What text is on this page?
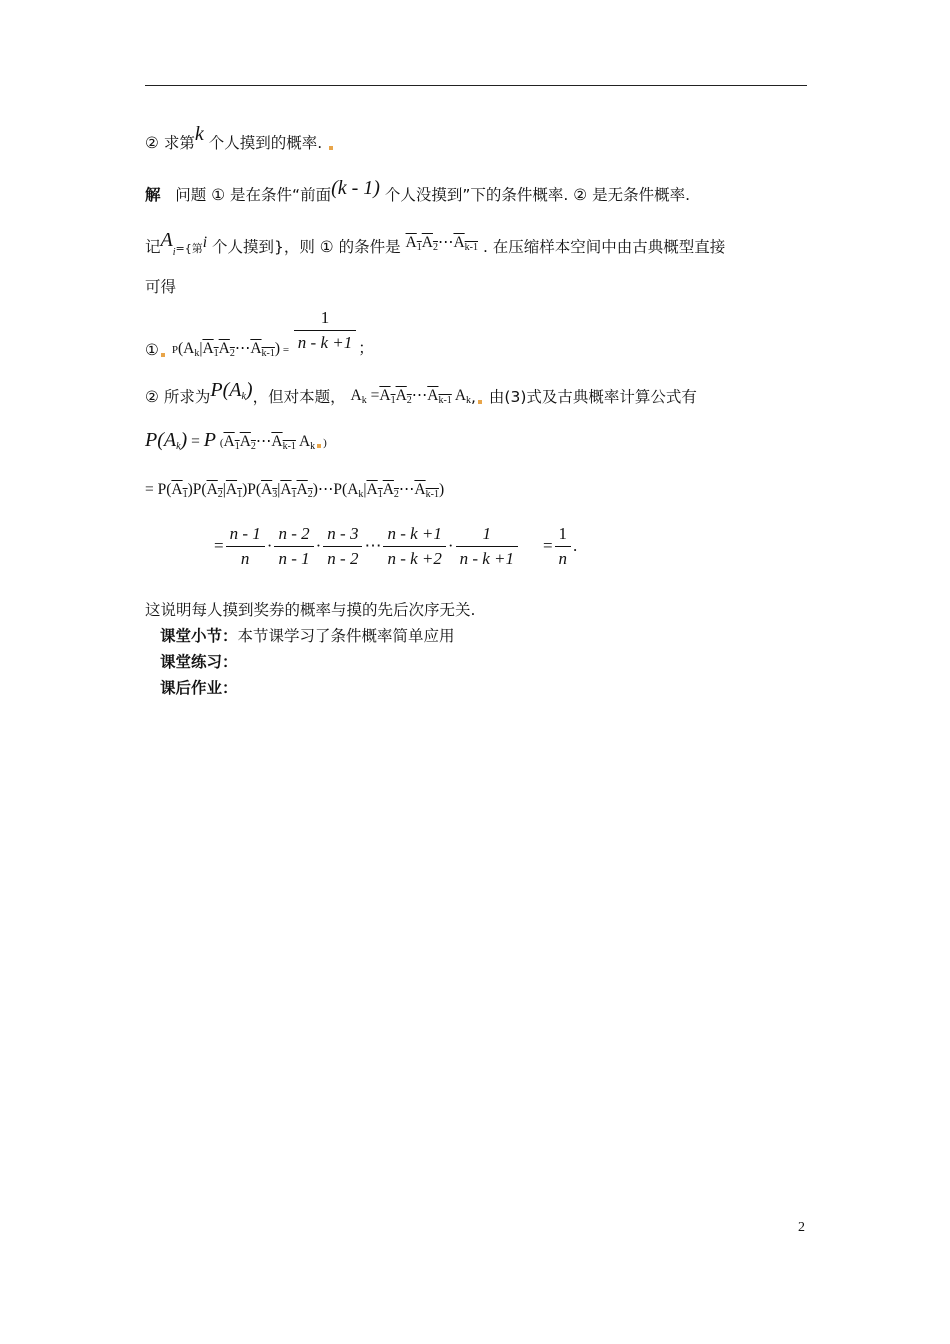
② 求第k 个人摸到的概率.
解 问题 ① 是在条件“前面(k - 1) 个人没摸到”下的条件概率. ② 是无条件概率.
记$A_i=${第i 个人摸到}，则 ① 的条件是 $A_1A_2\cdots A_{k-1}$ . 在压缩样本空间中由古典概型直接
可得
① $P(A_k|A_1A_2\cdots A_{k-1}) = \frac{1}{n - k +1}$ ；
② 所求为$P(A_k)$，但对本题， $A_k$ $=A_1A_2\cdots A_{k-1}$ $A_k$, 由(3)式及古典概率计算公式有
$P(A_k) = P$ ($A_1A_2\cdots A_{k-1}$ $A_k$ )
= $P(A_1)P(A_2|A_1)P(A_3|A_1A_2)\cdots P(A_k|A_1A_2\cdots A_{k-1})$
= $\frac{n - 1}{n} \cdot \frac{n - 2}{n - 1} \cdot \frac{n - 3}{n - 2}$ ⋯ $\frac{n - k +1}{n - k +2} \cdot \frac{1}{n - k +1} = \frac{1}{n}$ .
这说明每人摸到奖券的概率与摸的先后次序无关.
课堂小节：本节课学习了条件概率简单应用
课堂练习：
课后作业：
2
